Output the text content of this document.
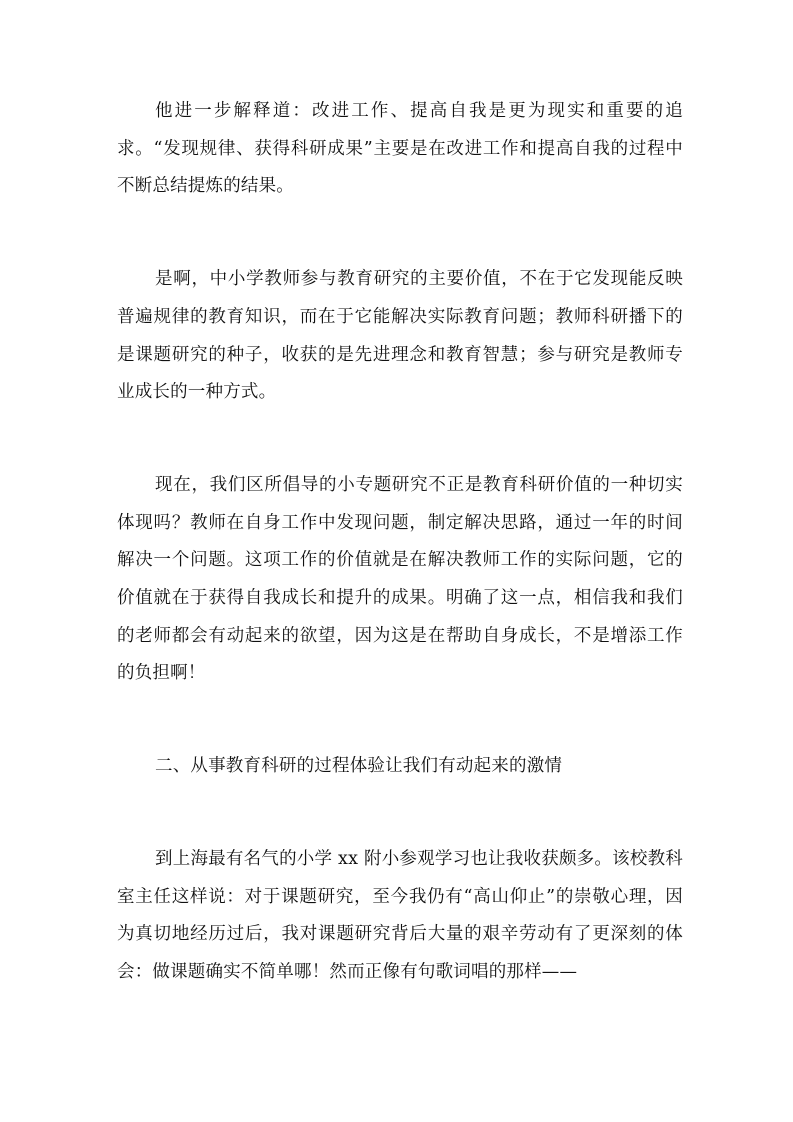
他进一步解释道：改进工作、提高自我是更为现实和重要的追求。“发现规律、获得科研成果”主要是在改进工作和提高自我的过程中不断总结提炼的结果。

是啊，中小学教师参与教育研究的主要价值，不在于它发现能反映普遍规律的教育知识，而在于它能解决实际教育问题；教师科研播下的是课题研究的种子，收获的是先进理念和教育智慧；参与研究是教师专业成长的一种方式。

现在，我们区所倡导的小专题研究不正是教育科研价值的一种切实体现吗？教师在自身工作中发现问题，制定解决思路，通过一年的时间解决一个问题。这项工作的价值就是在解决教师工作的实际问题，它的价值就在于获得自我成长和提升的成果。明确了这一点，相信我和我们的老师都会有动起来的欲望，因为这是在帮助自身成长，不是增添工作的负担啊！

二、从事教育科研的过程体验让我们有动起来的激情

到上海最有名气的小学 xx 附小参观学习也让我收获颇多。该校教科室主任这样说：对于课题研究，至今我仍有“高山仰止”的崇敬心理，因为真切地经历过后，我对课题研究背后大量的艰辛劳动有了更深刻的体会：做课题确实不简单哪！然而正像有句歌词唱的那样——
